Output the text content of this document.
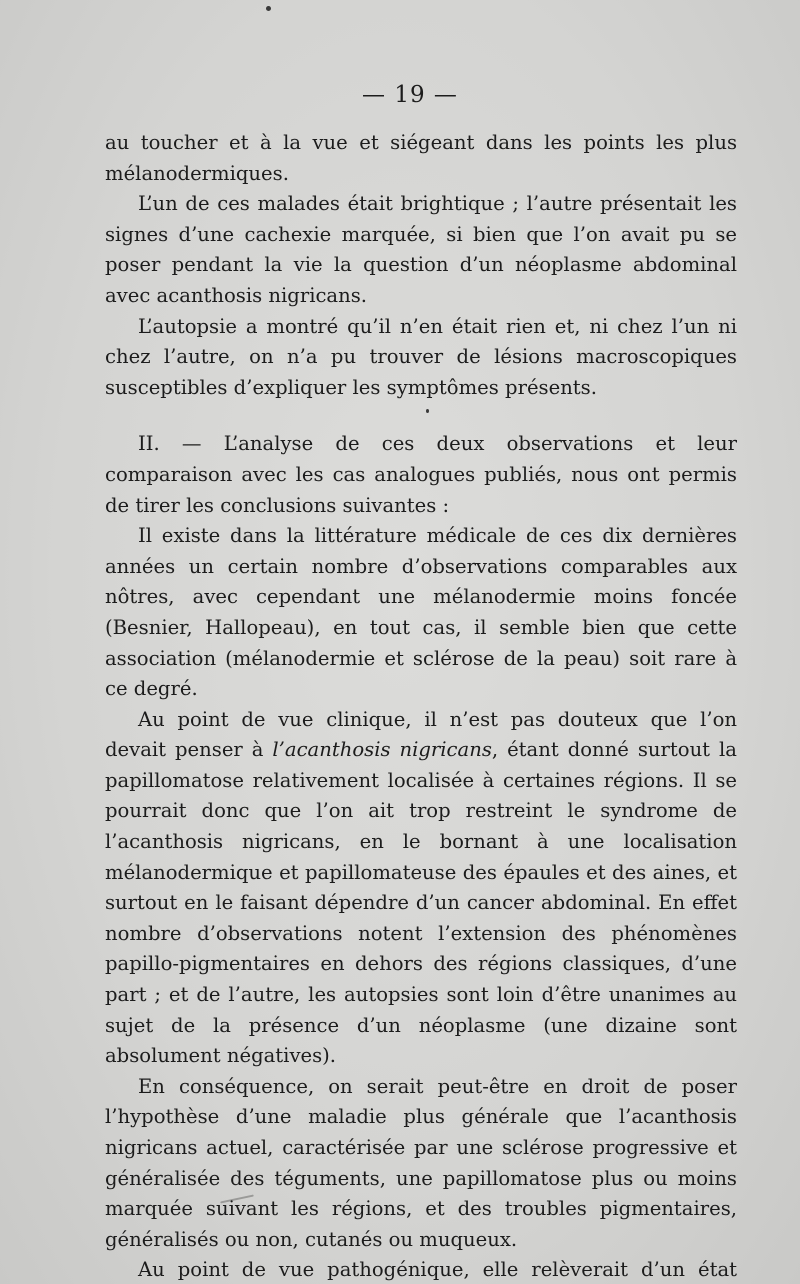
— 19 —

au toucher et à la vue et siégeant dans les points les plus mélanodermiques.

L’un de ces malades était brightique ; l’autre présentait les signes d’une cachexie marquée, si bien que l’on avait pu se poser pendant la vie la question d’un néoplasme abdominal avec acanthosis nigricans.

L’autopsie a montré qu’il n’en était rien et, ni chez l’un ni chez l’autre, on n’a pu trouver de lésions macroscopiques susceptibles d’expliquer les symptômes présents.

II. — L’analyse de ces deux observations et leur comparaison avec les cas analogues publiés, nous ont permis de tirer les conclusions suivantes :

Il existe dans la littérature médicale de ces dix dernières années un certain nombre d’observations comparables aux nôtres, avec cependant une mélanodermie moins foncée (Besnier, Hallopeau), en tout cas, il semble bien que cette association (mélanodermie et sclérose de la peau) soit rare à ce degré.

Au point de vue clinique, il n’est pas douteux que l’on devait penser à l’acanthosis nigricans, étant donné surtout la papillomatose relativement localisée à certaines régions. Il se pourrait donc que l’on ait trop restreint le syndrome de l’acanthosis nigricans, en le bornant à une localisation mélanodermique et papillomateuse des épaules et des aines, et surtout en le faisant dépendre d’un cancer abdominal. En effet nombre d’observations notent l’extension des phénomènes papillo-pigmentaires en dehors des régions classiques, d’une part ; et de l’autre, les autopsies sont loin d’être unanimes au sujet de la présence d’un néoplasme (une dizaine sont absolument négatives).

En conséquence, on serait peut-être en droit de poser l’hypothèse d’une maladie plus générale que l’acanthosis nigricans actuel, caractérisée par une sclérose progressive et généralisée des téguments, une papillomatose plus ou moins marquée suivant les régions, et des troubles pigmentaires, généralisés ou non, cutanés ou muqueux.

Au point de vue pathogénique, elle relèverait d’un état
